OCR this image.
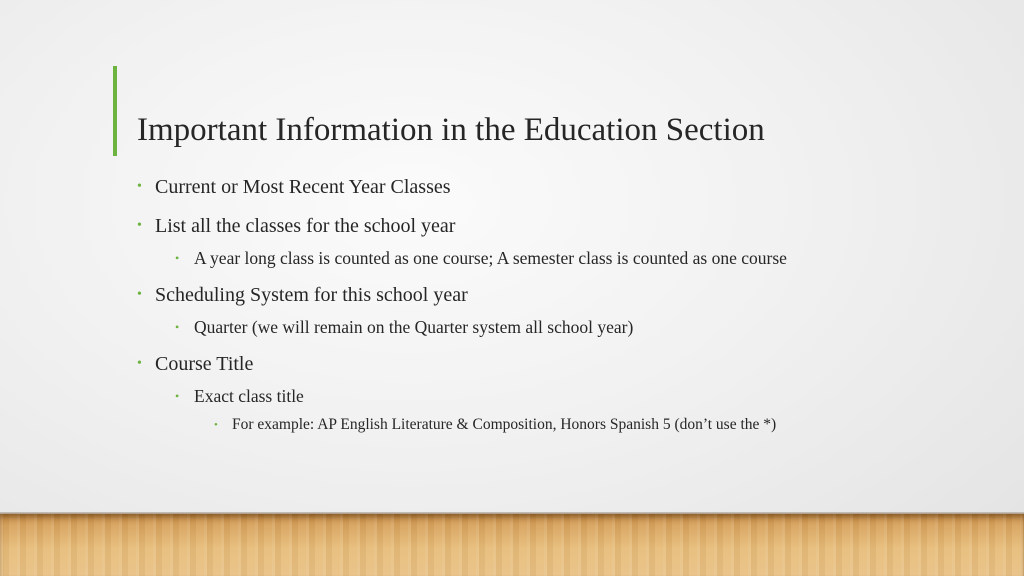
Important Information in the Education Section
• Current or Most Recent Year Classes
• List all the classes for the school year
• A year long class is counted as one course; A semester class is counted as one course
• Scheduling System for this school year
• Quarter (we will remain on the Quarter system all school year)
• Course Title
• Exact class title
• For example: AP English Literature & Composition, Honors Spanish 5 (don’t use the *)
